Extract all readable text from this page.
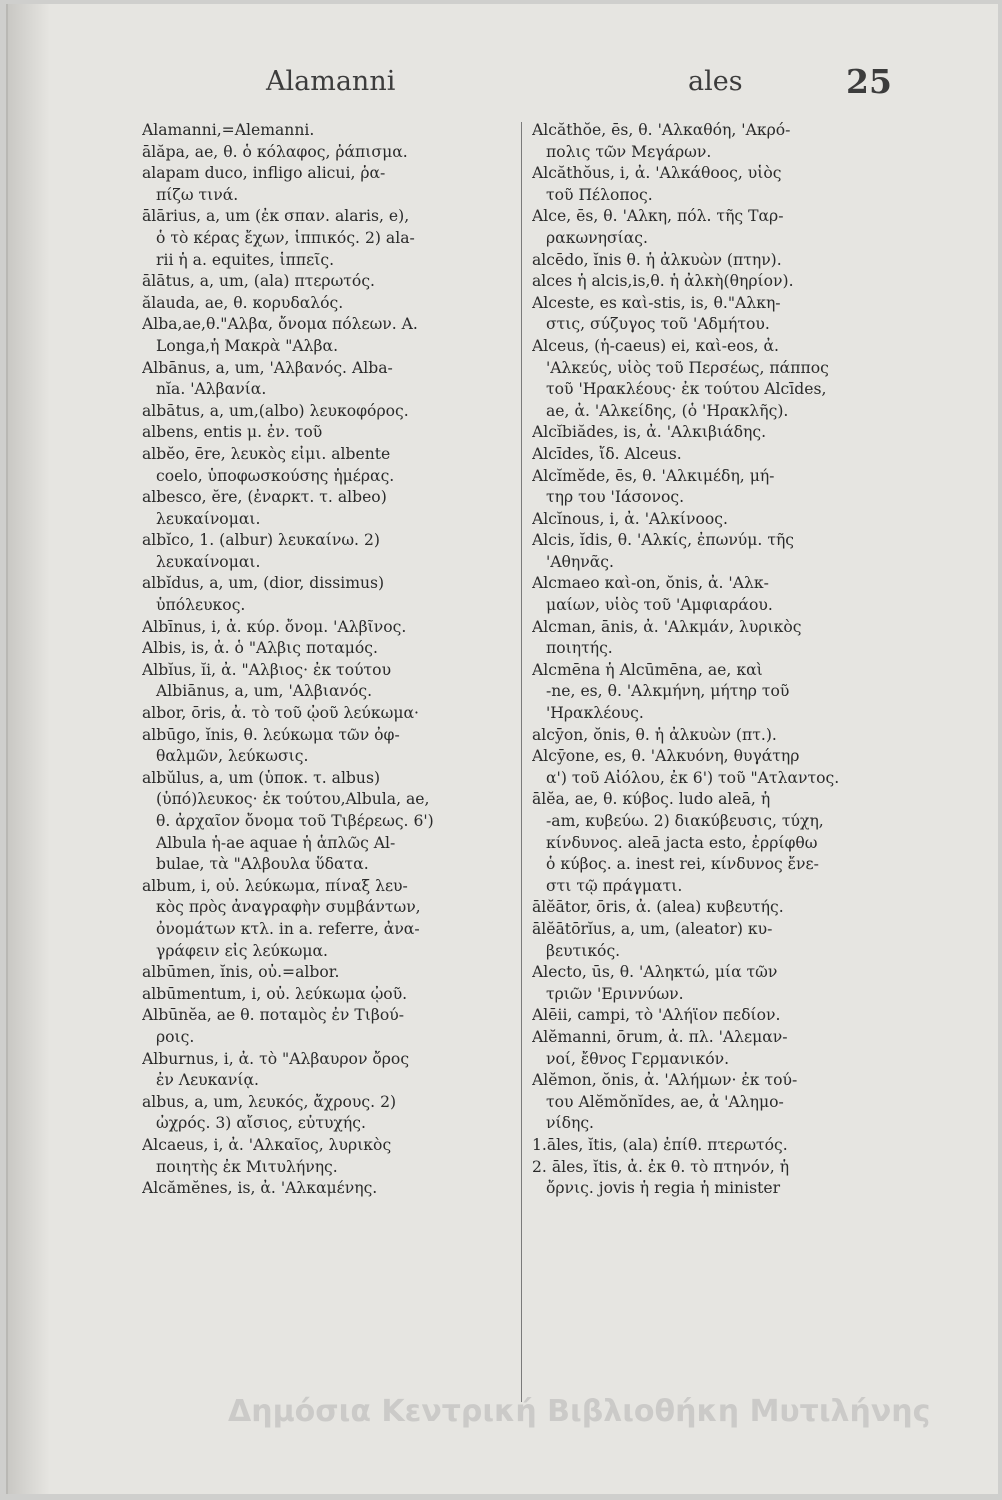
Alamanni	ales	25
Alamanni,=Alemanni.
ālăpa, ae, θ. ὁ κόλαφος, ῥάπισμα.
alapam duco, infligo alicui, ῥα-
πίζω τινά.
ālārius, a, um (ἐκ σπαν. alaris, e),
ὁ τὸ κέρας ἔχων, ἱππικός. 2) ala-
rii ἡ a. equites, ἱππεῖς.
ālātus, a, um, (ala) πτερωτός.
ălauda, ae, θ. κορυδαλός.
Alba,ae,θ."Αλβα, ὄνομα πόλεων. A.
Longa,ἡ Μακρὰ "Αλβα.
Albānus, a, um, 'Αλβανός. Alba-
nĭa. 'Αλβανία.
albātus, a, um,(albo) λευκοφόρος.
albens, entis μ. ἐν. τοῦ
albĕo, ēre, λευκὸς εἰμι. albente
coelo, ὑποφωσκούσης ἡμέρας.
albesco, ĕre, (ἐναρκτ. τ. albeo)
λευκαίνομαι.
albĭco, 1. (albur) λευκαίνω. 2)
λευκαίνομαι.
albĭdus, a, um, (dior, dissimus)
ὑπόλευκος.
Albīnus, i, ἀ. κύρ. ὄνομ. 'Αλβῖνος.
Albis, is, ἀ. ὁ "Αλβις ποταμός.
Albĭus, ĭi, ἀ. "Αλβιος· ἐκ τούτου
Albiānus, a, um, 'Αλβιανός.
albor, ōris, ἀ. τὸ τοῦ ᾠοῦ λεύκωμα·
albūgo, ĭnis, θ. λεύκωμα τῶν ὀφ-
θαλμῶν, λεύκωσις.
albŭlus, a, um (ὑποκ. τ. albus)
(ὑπό)λευκος· ἐκ τούτου,Albula, ae,
θ. ἀρχαῖον ὄνομα τοῦ Τιβέρεως. 6')
Albula ἡ-ae aquae ἡ ἁπλῶς Al-
bulae, τὰ "Αλβουλα ὕδατα.
album, i, οὐ. λεύκωμα, πίναξ λευ-
κὸς πρὸς ἀναγραφὴν συμβάντων,
ὀνομάτων κτλ. in a. referre, ἀνα-
γράφειν εἰς λεύκωμα.
albūmen, ĭnis, οὐ.=albor.
albūmentum, i, οὐ. λεύκωμα ᾠοῦ.
Albūnĕa, ae θ. ποταμὸς ἐν Τιβού-
ροις.
Alburnus, i, ἀ. τὸ "Αλβαυρον ὄρος
ἐν Λευκανίᾳ.
albus, a, um, λευκός, ἄχρους. 2)
ὠχρός. 3) αἴσιος, εὐτυχής.
Alcaeus, i, ἀ. 'Αλκαῖος, λυρικὸς
ποιητὴς ἐκ Μιτυλήνης.
Alcămĕnes, is, ἀ. 'Αλκαμένης.
Alcăthŏe, ēs, θ. 'Αλκαθόη, 'Ακρό-
πολις τῶν Μεγάρων.
Alcăthŏus, i, ἀ. 'Αλκάθοος, υἱὸς
τοῦ Πέλοπος.
Alce, ēs, θ. 'Αλκη, πόλ. τῆς Ταρ-
ρακωνησίας.
alcēdo, ĭnis θ. ἡ ἀλκυὼν (πτην).
alces ἡ alcis,is,θ. ἡ ἀλκὴ(θηρίον).
Alceste, es καὶ-stis, is, θ."Αλκη-
στις, σύζυγος τοῦ 'Αδμήτου.
Alceus, (ἡ-caeus) ei, καὶ-eos, ἀ.
'Αλκεύς, υἱὸς τοῦ Περσέως, πάππος
τοῦ 'Ηρακλέους· ἐκ τούτου Alcīdes,
ae, ἀ. 'Αλκείδης, (ὁ 'Ηρακλῆς).
Alcĭbiădes, is, ἀ. 'Αλκιβιάδης.
Alcīdes, ἴδ. Alceus.
Alcĭmĕde, ēs, θ. 'Αλκιμέδη, μή-
τηρ του 'Ιάσονος.
Alcĭnous, i, ἀ. 'Αλκίνοος.
Alcis, ĭdis, θ. 'Αλκίς, ἐπωνύμ. τῆς
'Αθηνᾶς.
Alcmaeo καὶ-on, ŏnis, ἀ. 'Αλκ-
μαίων, υἱὸς τοῦ 'Αμφιαράου.
Alcman, ānis, ἀ. 'Αλκμάν, λυρικὸς
ποιητής.
Alcmēna ἡ Alcūmēna, ae, καὶ
-ne, es, θ. 'Αλκμήνη, μήτηρ τοῦ
'Ηρακλέους.
alcȳon, ŏnis, θ. ἡ ἀλκυὼν (πτ.).
Alcȳone, es, θ. 'Αλκυόνη, θυγάτηρ
α') τοῦ Αἰόλου, ἐκ 6') τοῦ "Ατλαντος.
ālĕa, ae, θ. κύβος. ludo aleā, ἡ
-am, κυβεύω. 2) διακύβευσις, τύχη,
κίνδυνος. aleā jacta esto, ἐρρίφθω
ὁ κύβος. a. inest rei, κίνδυνος ἔνε-
στι τῷ πράγματι.
ālĕātor, ōris, ἀ. (alea) κυβευτής.
ālĕātōrĭus, a, um, (aleator) κυ-
βευτικός.
Alecto, ūs, θ. 'Αληκτώ, μία τῶν
τριῶν 'Εριννύων.
Alēii, campi, τὸ 'Αλήϊον πεδίον.
Alĕmanni, ōrum, ἀ. πλ. 'Αλεμαν-
νοί, ἔθνος Γερμανικόν.
Alĕmon, ŏnis, ἀ. 'Αλήμων· ἐκ τού-
του Alĕmŏnĭdes, ae, ἀ 'Αλημο-
νίδης.
1.āles, ĭtis, (ala) ἐπίθ. πτερωτός.
2. āles, ĭtis, ἀ. ἐκ θ. τὸ πτηνόν, ἡ
ὄρνις. jovis ἡ regia ἡ minister
Δημόσια Κεντρική Βιβλιοθήκη Μυτιλήνης
